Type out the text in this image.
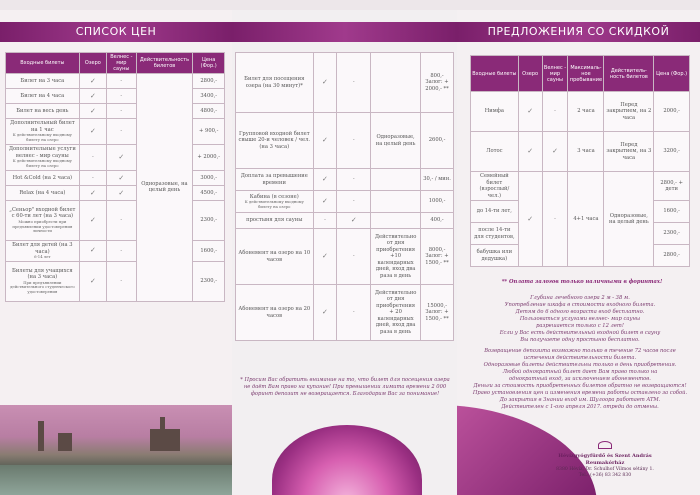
СПИСОК ЦЕН
Входные билеты	Озеро	Велнес - мир сауны	Действительность билетов	Цена (Фор.)

Билет на 3 часа	✓	-	Одноразовые, на целый день	2800,-

Билет на 4 часа	✓	-		3400,-

Билет на весь день	✓	-		4800,-

Дополнительный билет на 1 час
К действительному входному билету на озеро	✓	-		+ 900,-

Дополнительные услуги велнес - мир сауны
К действительному входному билету на озеро	-	✓		+ 2000,-

Hot &Cold (на 2 часа)	-	✓		3000,-

Relax (на 4 часа)	✓	✓		4500,-

„Сеньор" входной билет с 60-ти лет (на 3 часа)
Можно приобрести при предъявлении удостоверения личности	✓	-		2300,-

Билет для детей (на 3 часа)
6-14 лет	✓	-		1600,-

Билеты для учащихся (на 3 часа)
При предъявлении действительного студенческого удостоверения	✓	-		2300,-
Билет для посещения озера (на 30 минут)*	✓	-		800,- Залог: + 2000,- **

Групповой входной билет свыше 20-и человек / чел. (на 3 часа)	✓	-	Одноразовые, на целый день	2600,-

Доплата за превышение времени	✓	-		30,- / мин.

Кабина (в сезоне)
К действительному входному билету на озеро	✓	-		1000,-

простыня для сауны	-	✓		400,-

Абонемент на озеро на 10 часов	✓	-	Действительно от дня приобретения +10 календарных дней, вход два раза в день	8000,- Залог: + 1500,- **

Абонемент на озеро на 20 часов	✓	-	Действительно от дня приобретения + 20 календарных дней, вход два раза в день	15000,- Залог: + 1500,- **
* Просим Вас обратить внимание на то, что билет для посещения озера не даёт Вам право на купание! При превышении лимита времени 2 000 форинт депозит не возвращается. Благодарим Вас за понимание!
ПРЕДЛОЖЕНИЯ СО СКИДКОЙ
Входные билеты	Озеро	Велнес - мир сауны	Максималь-ное пребывание	Действитель-ность билетов	Цена (Фор.)
Нимфа	✓	-	2 часа	Перед закрытием, на 2 часа	2000,-
Лотос	✓	✓	3 часа	Перед закрытием, на 3 часа	3200,-
Семейный билет (взрослый/ чел.)	✓	-	4+1 часа	Одноразовые, на целый день	2800,- + дети
до 14-ти лет,					1600,-
после 14-ти для студентов,					2300,-
бабушка или дедушка)					2800,-
** Оплата залогов только наличными в форинтах!
Глубина лечебного озера 2 м - 38 м.
Употребление шкафа в стоимости входного билета.
Детям до 6 одного возраста вход бесплатно.
Пользоваться услугами велнес- мир сауны
разрешается только с 12 лет!
Если у Вас есть действительный входной билет в сауну
Вы получаете одну простыню бесплатно.
Возвращение депозита возможно только в течение 72 часов после
истечения действительности билета.
Одноразовые билеты действительны только в день приобретения.
Любой однократный билет дает Вам право только на
однократный вход, за исключением абонементов.
Деньги за стоимость приобретенных билетов обратно не возвращаются!
Право установления цен и изменения времени работы оставлено за собой.
До закрытия в Знании вход им. Шулоора работает ATM.
Действителен с 1-ого апреля 2017. отреди до отмены.
Hévízgyógyfürdő és Szent András Reumakórház
8380 Hévíz, Dr. Schulhof Vilmos sétány 1.
Tel.: (+36) 83 342 830
